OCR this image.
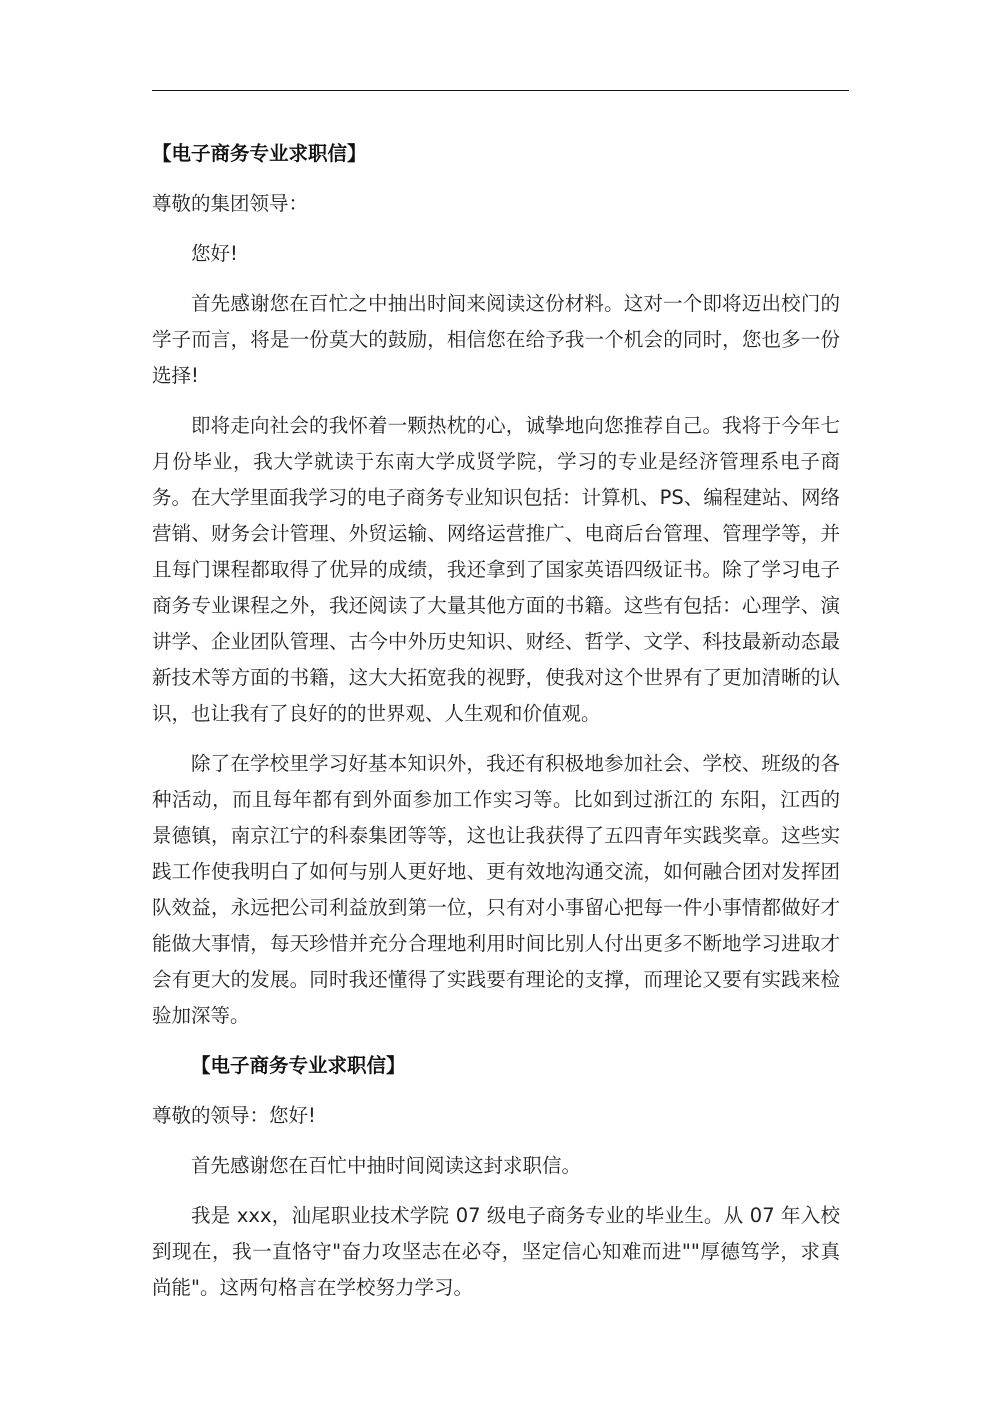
【电子商务专业求职信】

尊敬的集团领导：

您好!

首先感谢您在百忙之中抽出时间来阅读这份材料。这对一个即将迈出校门的学子而言，将是一份莫大的鼓励，相信您在给予我一个机会的同时，您也多一份选择!

即将走向社会的我怀着一颗热枕的心，诚挚地向您推荐自己。我将于今年七月份毕业，我大学就读于东南大学成贤学院，学习的专业是经济管理系电子商务。在大学里面我学习的电子商务专业知识包括：计算机、PS、编程建站、网络营销、财务会计管理、外贸运输、网络运营推广、电商后台管理、管理学等，并且每门课程都取得了优异的成绩，我还拿到了国家英语四级证书。除了学习电子商务专业课程之外，我还阅读了大量其他方面的书籍。这些有包括：心理学、演讲学、企业团队管理、古今中外历史知识、财经、哲学、文学、科技最新动态最新技术等方面的书籍，这大大拓宽我的视野，使我对这个世界有了更加清晰的认识，也让我有了良好的的世界观、人生观和价值观。

除了在学校里学习好基本知识外，我还有积极地参加社会、学校、班级的各种活动，而且每年都有到外面参加工作实习等。比如到过浙江的 东阳，江西的景德镇，南京江宁的科泰集团等等，这也让我获得了五四青年实践奖章。这些实践工作使我明白了如何与别人更好地、更有效地沟通交流，如何融合团对发挥团队效益，永远把公司利益放到第一位，只有对小事留心把每一件小事情都做好才能做大事情，每天珍惜并充分合理地利用时间比别人付出更多不断地学习进取才会有更大的发展。同时我还懂得了实践要有理论的支撑，而理论又要有实践来检验加深等。

【电子商务专业求职信】

尊敬的领导：您好!

首先感谢您在百忙中抽时间阅读这封求职信。

我是 xxx，汕尾职业技术学院 07 级电子商务专业的毕业生。从 07 年入校到现在，我一直恪守"奋力攻坚志在必夺，坚定信心知难而进""厚德笃学，求真尚能"。这两句格言在学校努力学习。
